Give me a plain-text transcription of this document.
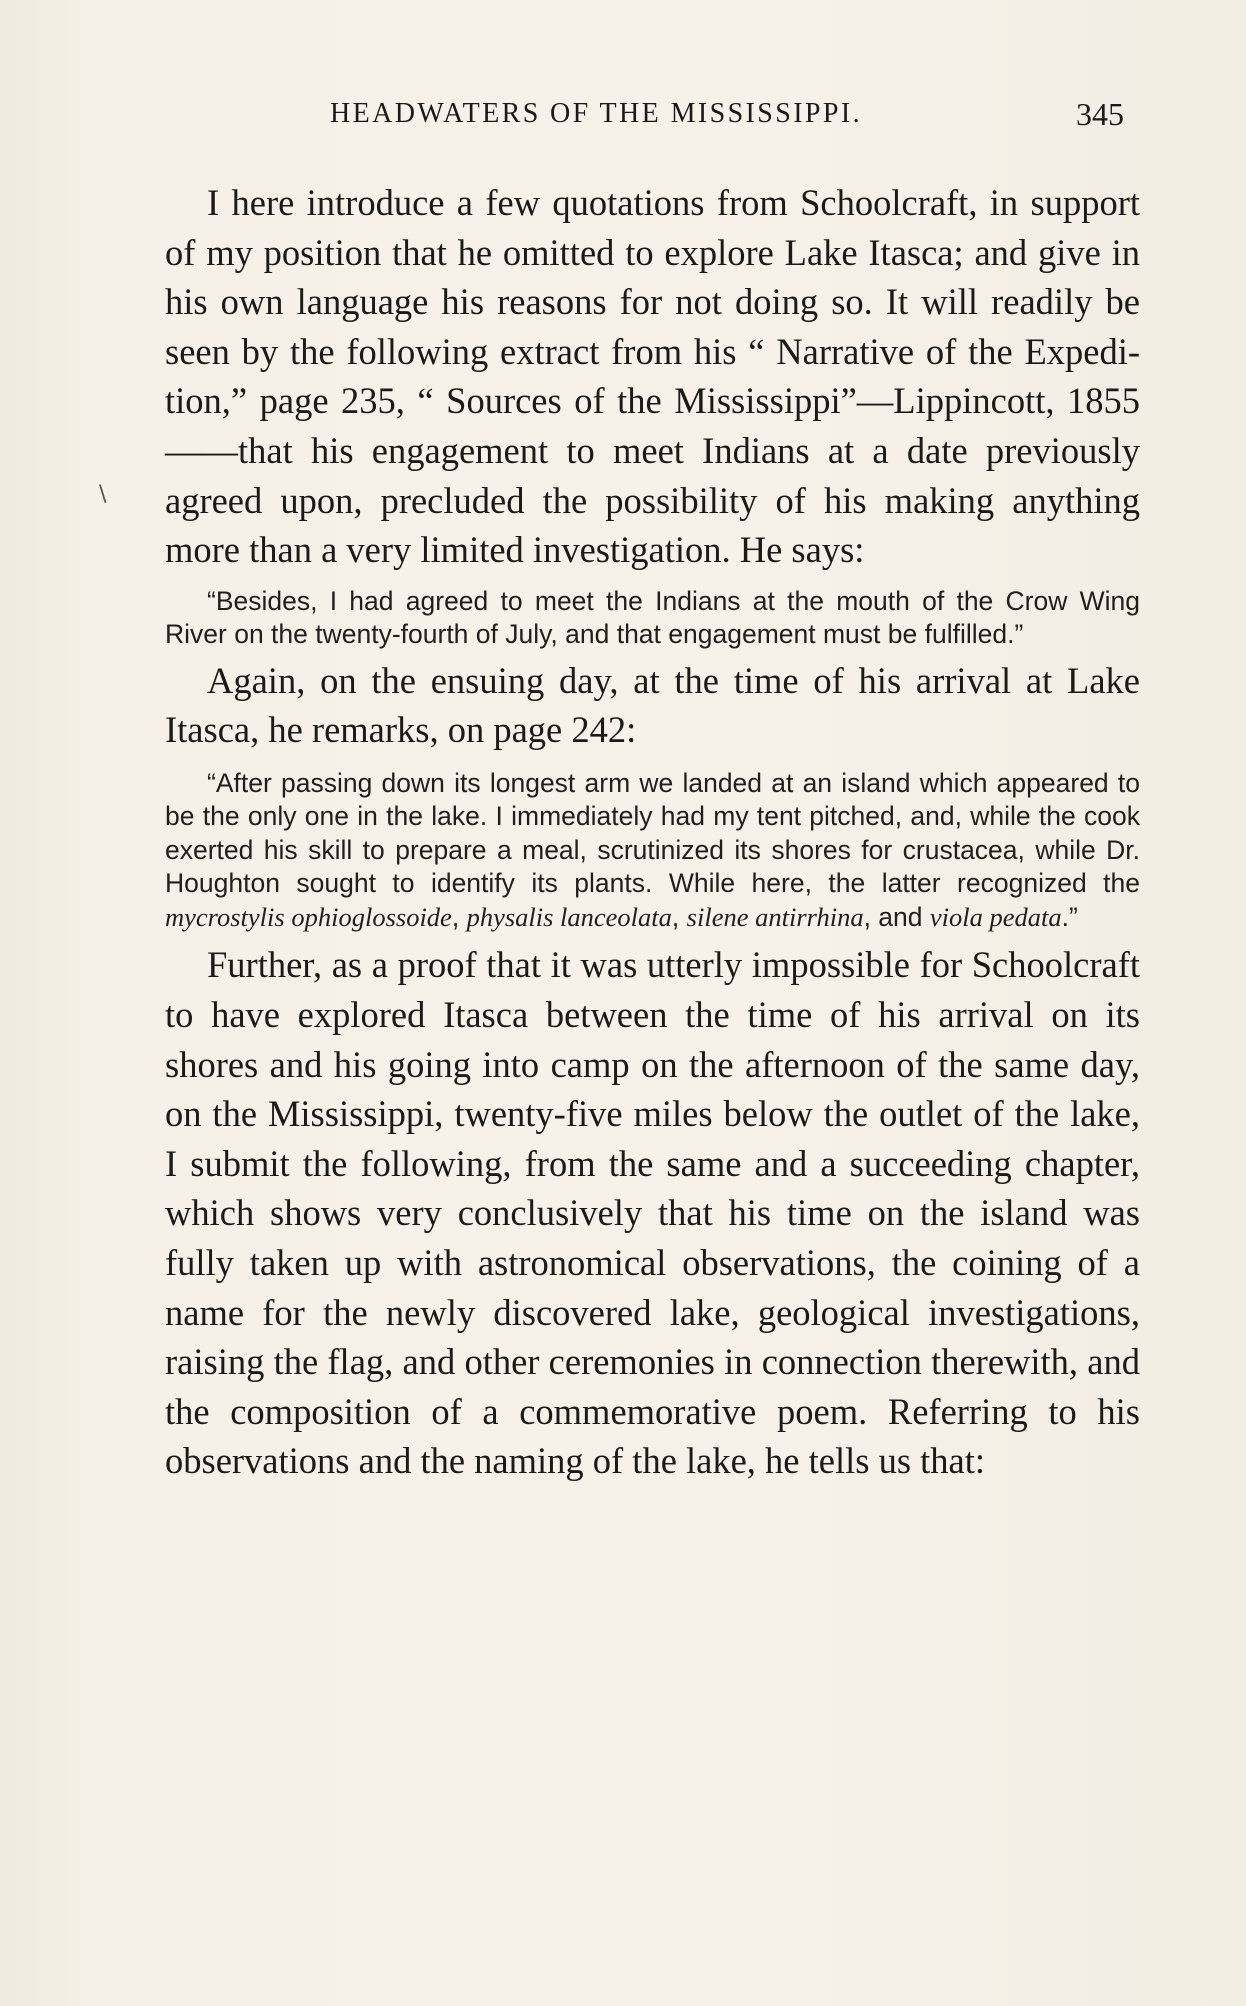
HEADWATERS OF THE MISSISSIPPI.	345
\

I here introduce a few quotations from Schoolcraft, in support of my position that he omitted to explore Lake Itasca; and give in his own language his reasons for not doing so. It will readily be seen by the following extract from his “ Narrative of the Expedition,” page 235, “ Sources of the Mississippi”—Lippincott, 1855——that his engagement to meet Indians at a date previously agreed upon, precluded the possibility of his making anything more than a very limited investigation. He says:

“Besides, I had agreed to meet the Indians at the mouth of the Crow Wing River on the twenty-fourth of July, and that engagement must be fulfilled.”

Again, on the ensuing day, at the time of his arrival at Lake Itasca, he remarks, on page 242:

“After passing down its longest arm we landed at an island which appeared to be the only one in the lake. I immediately had my tent pitched, and, while the cook exerted his skill to prepare a meal, scrutinized its shores for crustacea, while Dr. Houghton sought to identify its plants. While here, the latter recognized the mycrostylis ophioglossoide, physalis lanceolata, silene antirrhina, and viola pedata.”

Further, as a proof that it was utterly impossible for Schoolcraft to have explored Itasca between the time of his arrival on its shores and his going into camp on the afternoon of the same day, on the Mississippi, twenty-five miles below the outlet of the lake, I submit the following, from the same and a succeeding chapter, which shows very conclusively that his time on the island was fully taken up with astronomical observations, the coining of a name for the newly discovered lake, geological investigations, raising the flag, and other ceremonies in connection therewith, and the composition of a commemorative poem. Referring to his observations and the naming of the lake, he tells us that:
